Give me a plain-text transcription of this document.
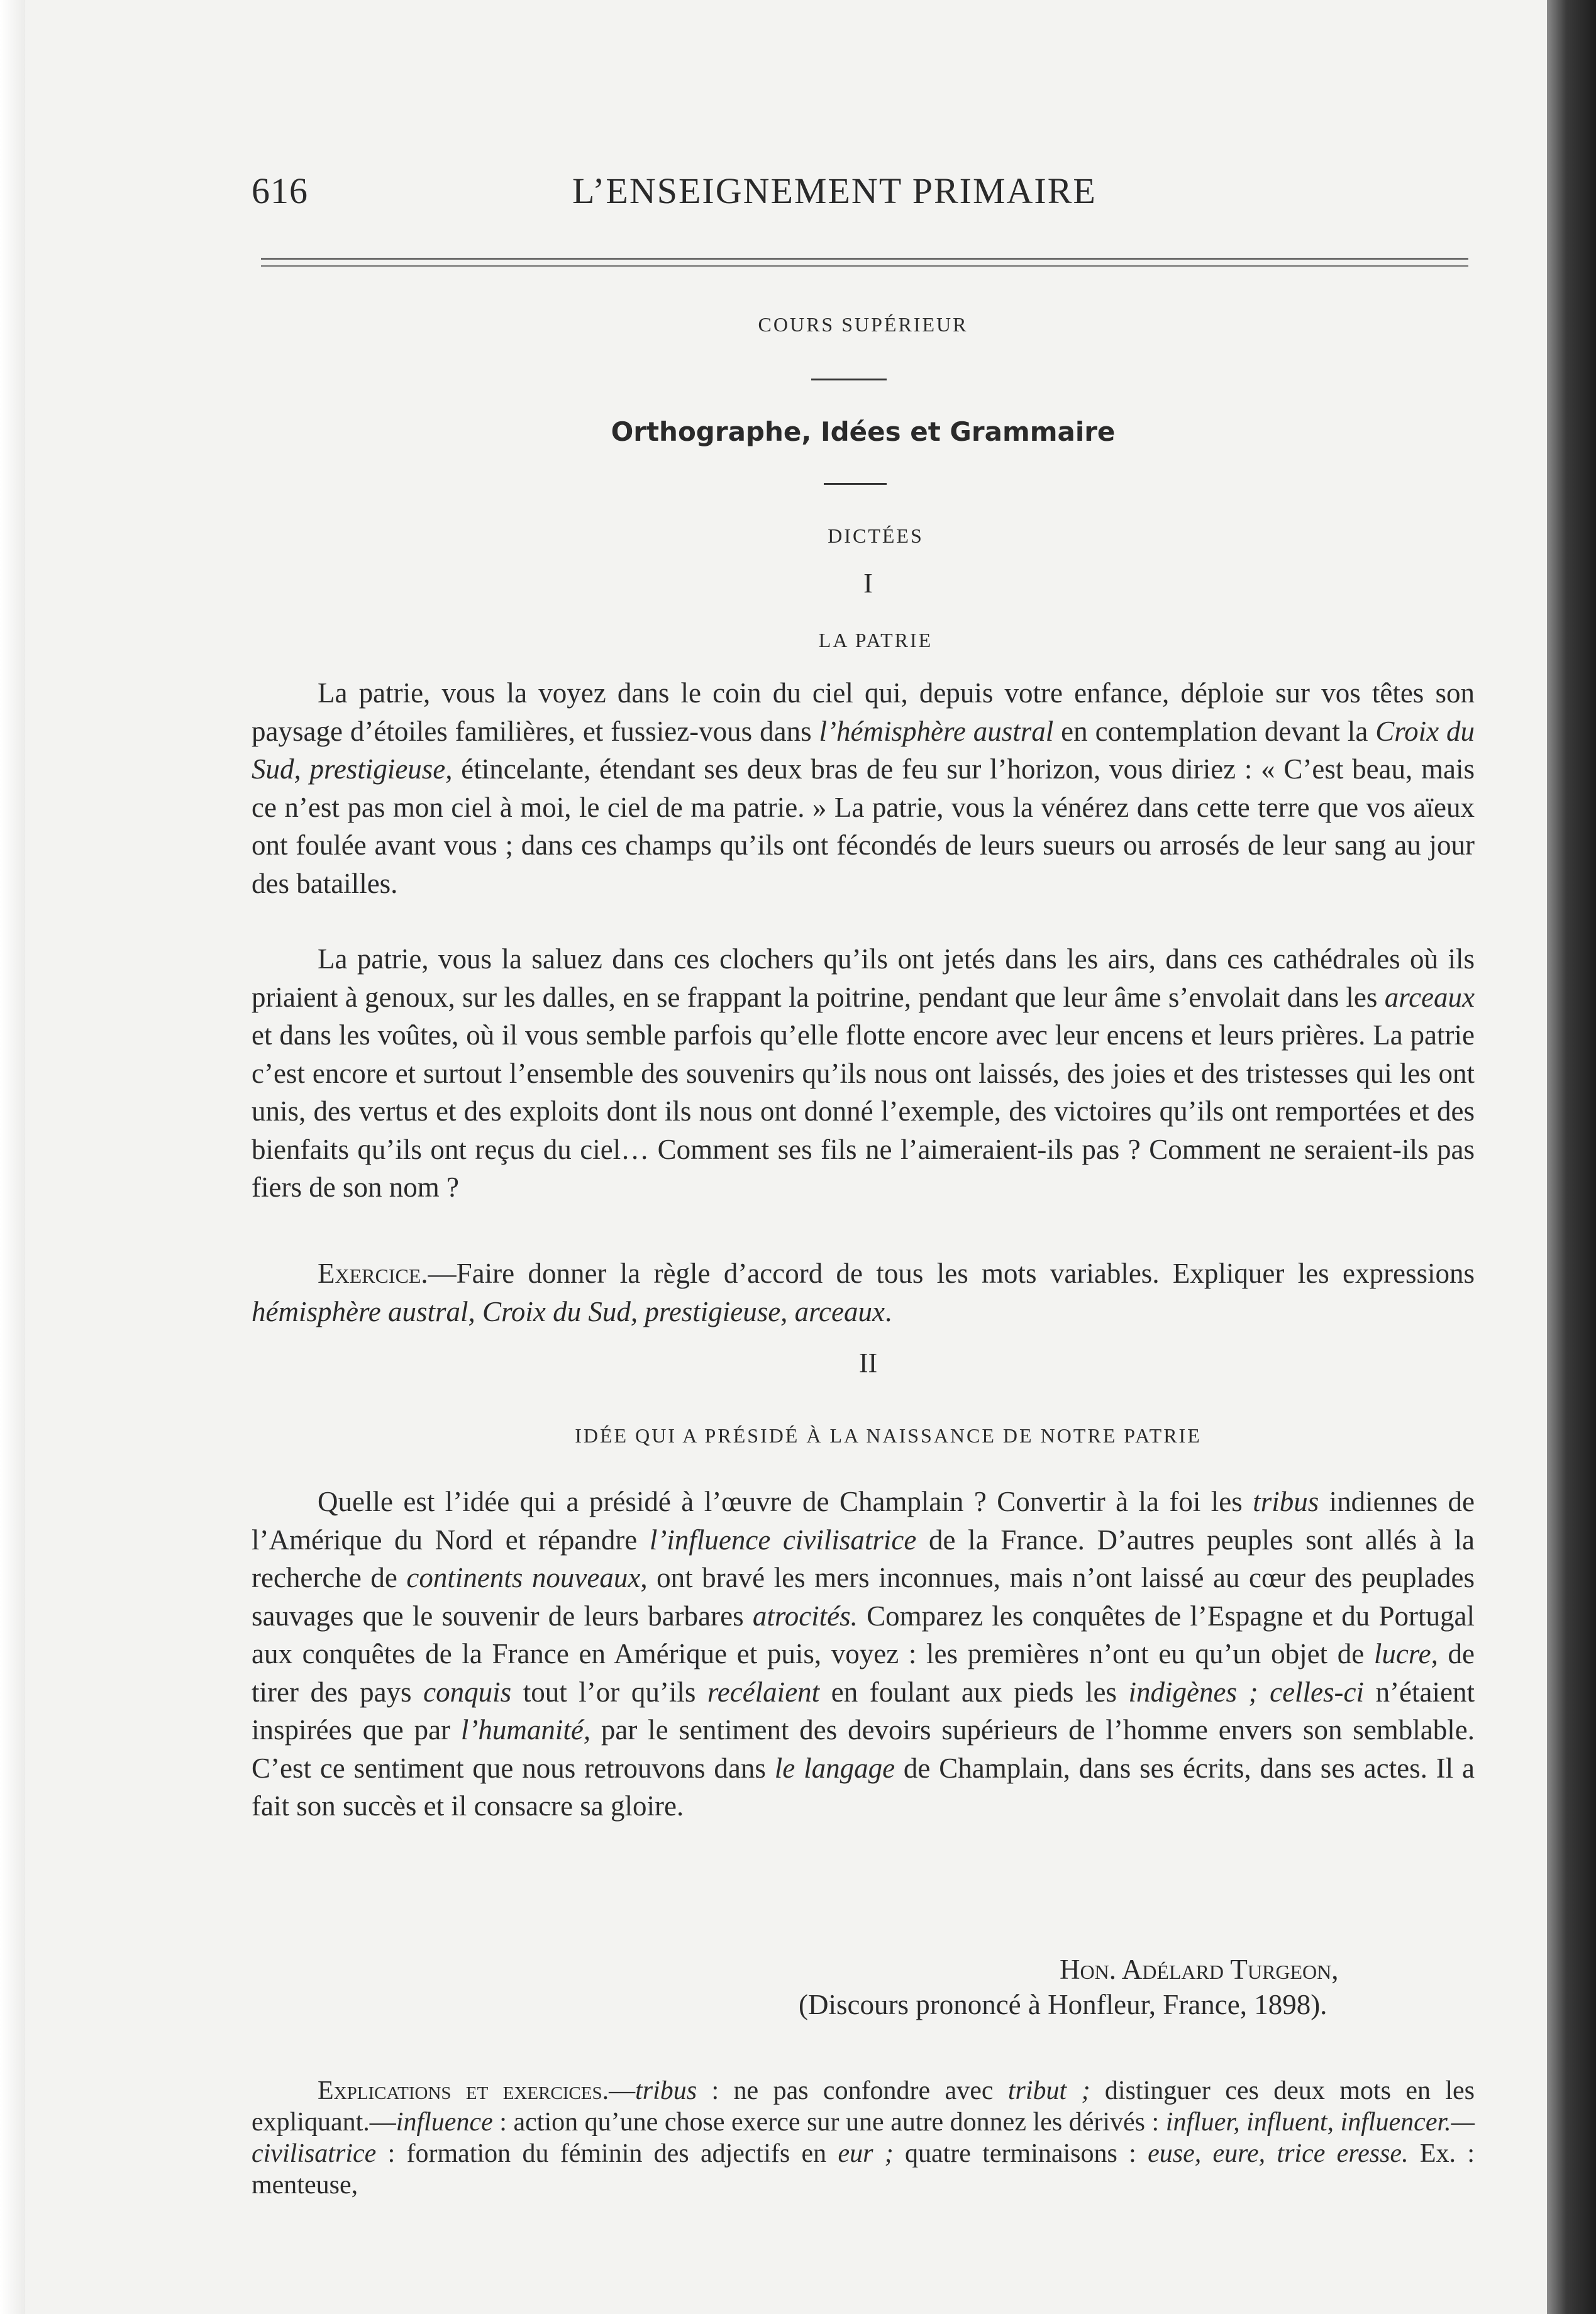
616	L’ENSEIGNEMENT PRIMAIRE
COURS SUPÉRIEUR
Orthographe, Idées et Grammaire
DICTÉES
I
LA PATRIE

La patrie, vous la voyez dans le coin du ciel qui, depuis votre enfance, déploie sur vos têtes son paysage d’étoiles familières, et fussiez-vous dans l’hémisphère austral en contemplation devant la Croix du Sud, prestigieuse, étincelante, étendant ses deux bras de feu sur l’horizon, vous diriez : « C’est beau, mais ce n’est pas mon ciel à moi, le ciel de ma patrie. » La patrie, vous la vénérez dans cette terre que vos aïeux ont foulée avant vous ; dans ces champs qu’ils ont fécondés de leurs sueurs ou arrosés de leur sang au jour des batailles.

La patrie, vous la saluez dans ces clochers qu’ils ont jetés dans les airs, dans ces cathédrales où ils priaient à genoux, sur les dalles, en se frappant la poitrine, pendant que leur âme s’envolait dans les arceaux et dans les voûtes, où il vous semble parfois qu’elle flotte encore avec leur encens et leurs prières. La patrie c’est encore et surtout l’ensemble des souvenirs qu’ils nous ont laissés, des joies et des tristesses qui les ont unis, des vertus et des exploits dont ils nous ont donné l’exemple, des victoires qu’ils ont remportées et des bienfaits qu’ils ont reçus du ciel… Comment ses fils ne l’aimeraient-ils pas ? Comment ne seraient-ils pas fiers de son nom ?

Exercice.—Faire donner la règle d’accord de tous les mots variables. Expliquer les expressions hémisphère austral, Croix du Sud, prestigieuse, arceaux.

II
IDÉE QUI A PRÉSIDÉ À LA NAISSANCE DE NOTRE PATRIE

Quelle est l’idée qui a présidé à l’œuvre de Champlain ? Convertir à la foi les tribus indiennes de l’Amérique du Nord et répandre l’influence civilisatrice de la France. D’autres peuples sont allés à la recherche de continents nouveaux, ont bravé les mers inconnues, mais n’ont laissé au cœur des peuplades sauvages que le souvenir de leurs barbares atrocités. Comparez les conquêtes de l’Espagne et du Portugal aux conquêtes de la France en Amérique et puis, voyez : les premières n’ont eu qu’un objet de lucre, de tirer des pays conquis tout l’or qu’ils recélaient en foulant aux pieds les indigènes ; celles-ci n’étaient inspirées que par l’humanité, par le sentiment des devoirs supérieurs de l’homme envers son semblable. C’est ce sentiment que nous retrouvons dans le langage de Champlain, dans ses écrits, dans ses actes. Il a fait son succès et il consacre sa gloire.

Hon. Adélard Turgeon,
(Discours prononcé à Honfleur, France, 1898).

Explications et exercices.—tribus : ne pas confondre avec tribut ; distinguer ces deux mots en les expliquant.—influence : action qu’une chose exerce sur une autre donnez les dérivés : influer, influent, influencer.—civilisatrice : formation du féminin des adjectifs en eur ; quatre terminaisons : euse, eure, trice eresse. Ex. : menteuse,
